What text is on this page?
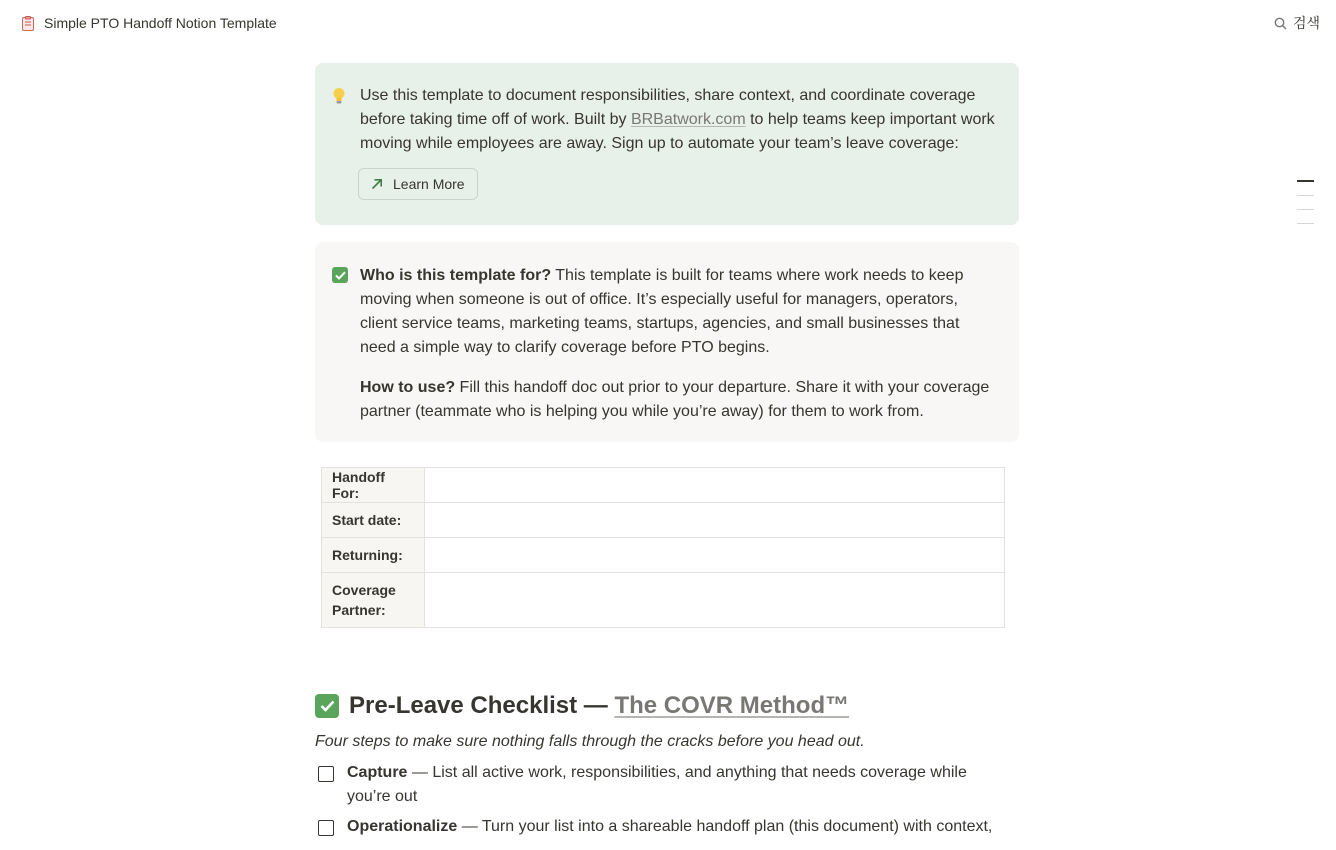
Simple PTO Handoff Notion Template	검색

Use this template to document responsibilities, share context, and coordinate coverage before taking time off of work. Built by BRBatwork.com to help teams keep important work moving while employees are away. Sign up to automate your team’s leave coverage:

Learn More

Who is this template for? This template is built for teams where work needs to keep moving when someone is out of office. It’s especially useful for managers, operators, client service teams, marketing teams, startups, agencies, and small businesses that need a simple way to clarify coverage before PTO begins.

How to use? Fill this handoff doc out prior to your departure. Share it with your coverage partner (teammate who is helping you while you’re away) for them to work from.

Handoff For:	
Start date:	
Returning:	
Coverage Partner:	
Pre-Leave Checklist — The COVR Method™
Four steps to make sure nothing falls through the cracks before you head out.
Capture — List all active work, responsibilities, and anything that needs coverage while you’re out
Operationalize — Turn your list into a shareable handoff plan (this document) with context,
